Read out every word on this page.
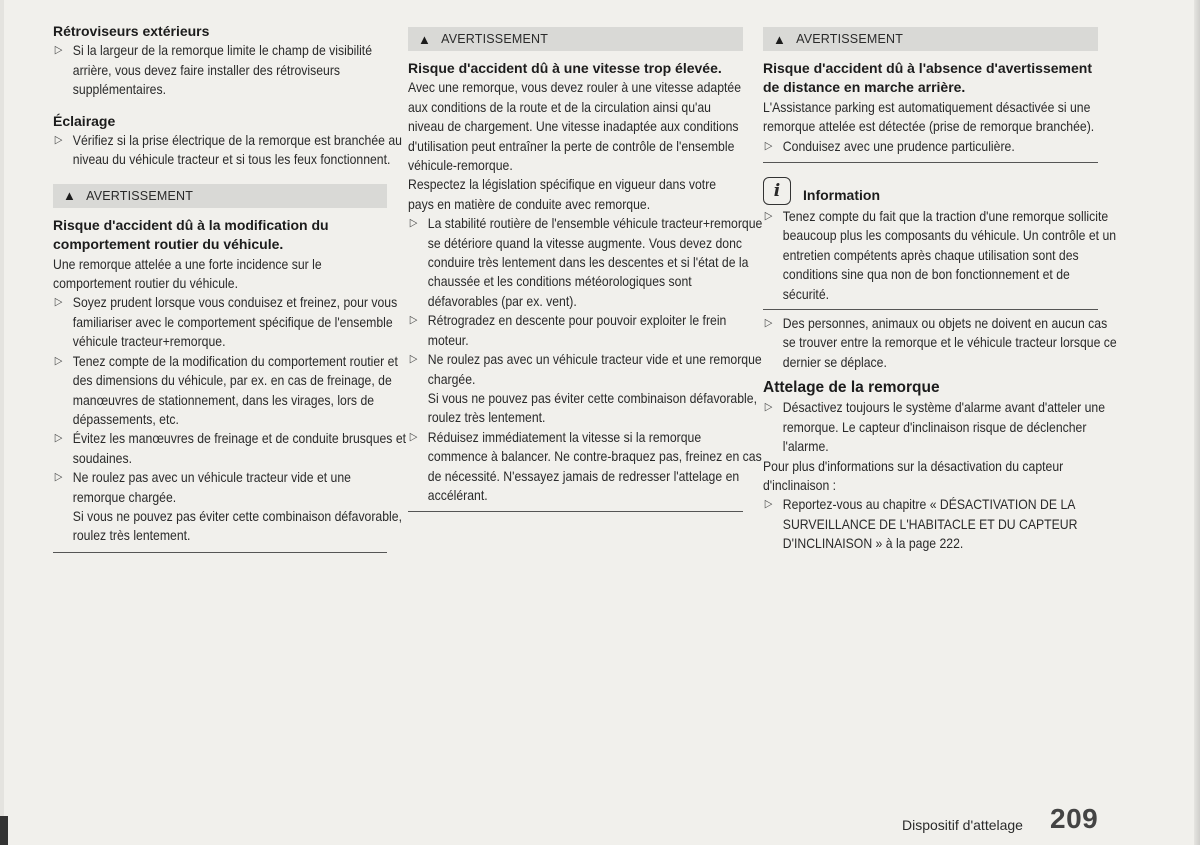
Rétroviseurs extérieurs
▷ Si la largeur de la remorque limite le champ de visibilité arrière, vous devez faire installer des rétroviseurs supplémentaires.
Éclairage
▷ Vérifiez si la prise électrique de la remorque est branchée au niveau du véhicule tracteur et si tous les feux fonctionnent.
▲ AVERTISSEMENT
Risque d'accident dû à la modification du comportement routier du véhicule.

Une remorque attelée a une forte incidence sur le comportement routier du véhicule.

▷ Soyez prudent lorsque vous conduisez et freinez, pour vous familiariser avec le comportement spécifique de l'ensemble véhicule tracteur+remorque.
▷ Tenez compte de la modification du comportement routier et des dimensions du véhicule, par ex. en cas de freinage, de manœuvres de stationnement, dans les virages, lors de dépassements, etc.
▷ Évitez les manœuvres de freinage et de conduite brusques et soudaines.
▷ Ne roulez pas avec un véhicule tracteur vide et une remorque chargée.
Si vous ne pouvez pas éviter cette combinaison défavorable, roulez très lentement.
▲ AVERTISSEMENT
Risque d'accident dû à une vitesse trop élevée.

Avec une remorque, vous devez rouler à une vitesse adaptée aux conditions de la route et de la circulation ainsi qu'au niveau de chargement. Une vitesse inadaptée aux conditions d'utilisation peut entraîner la perte de contrôle de l'ensemble véhicule-remorque.

Respectez la législation spécifique en vigueur dans votre pays en matière de conduite avec remorque.

▷ La stabilité routière de l'ensemble véhicule tracteur+remorque se détériore quand la vitesse augmente. Vous devez donc conduire très lentement dans les descentes et si l'état de la chaussée et les conditions météorologiques sont défavorables (par ex. vent).
▷ Rétrogradez en descente pour pouvoir exploiter le frein moteur.
▷ Ne roulez pas avec un véhicule tracteur vide et une remorque chargée.
Si vous ne pouvez pas éviter cette combinaison défavorable, roulez très lentement.
▷ Réduisez immédiatement la vitesse si la remorque commence à balancer. Ne contre-braquez pas, freinez en cas de nécessité. N'essayez jamais de redresser l'attelage en accélérant.
▲ AVERTISSEMENT
Risque d'accident dû à l'absence d'avertissement de distance en marche arrière.

L'Assistance parking est automatiquement désactivée si une remorque attelée est détectée (prise de remorque branchée).

▷ Conduisez avec une prudence particulière.
i	Information
▷ Tenez compte du fait que la traction d'une remorque sollicite beaucoup plus les composants du véhicule. Un contrôle et un entretien compétents après chaque utilisation sont des conditions sine qua non de bon fonctionnement et de sécurité.
▷ Des personnes, animaux ou objets ne doivent en aucun cas se trouver entre la remorque et le véhicule tracteur lorsque ce dernier se déplace.
Attelage de la remorque
▷ Désactivez toujours le système d'alarme avant d'atteler une remorque. Le capteur d'inclinaison risque de déclencher l'alarme.

Pour plus d'informations sur la désactivation du capteur d'inclinaison :

▷ Reportez-vous au chapitre « DÉSACTIVATION DE LA SURVEILLANCE DE L'HABITACLE ET DU CAPTEUR D'INCLINAISON » à la page 222.
Dispositif d'attelage 209
